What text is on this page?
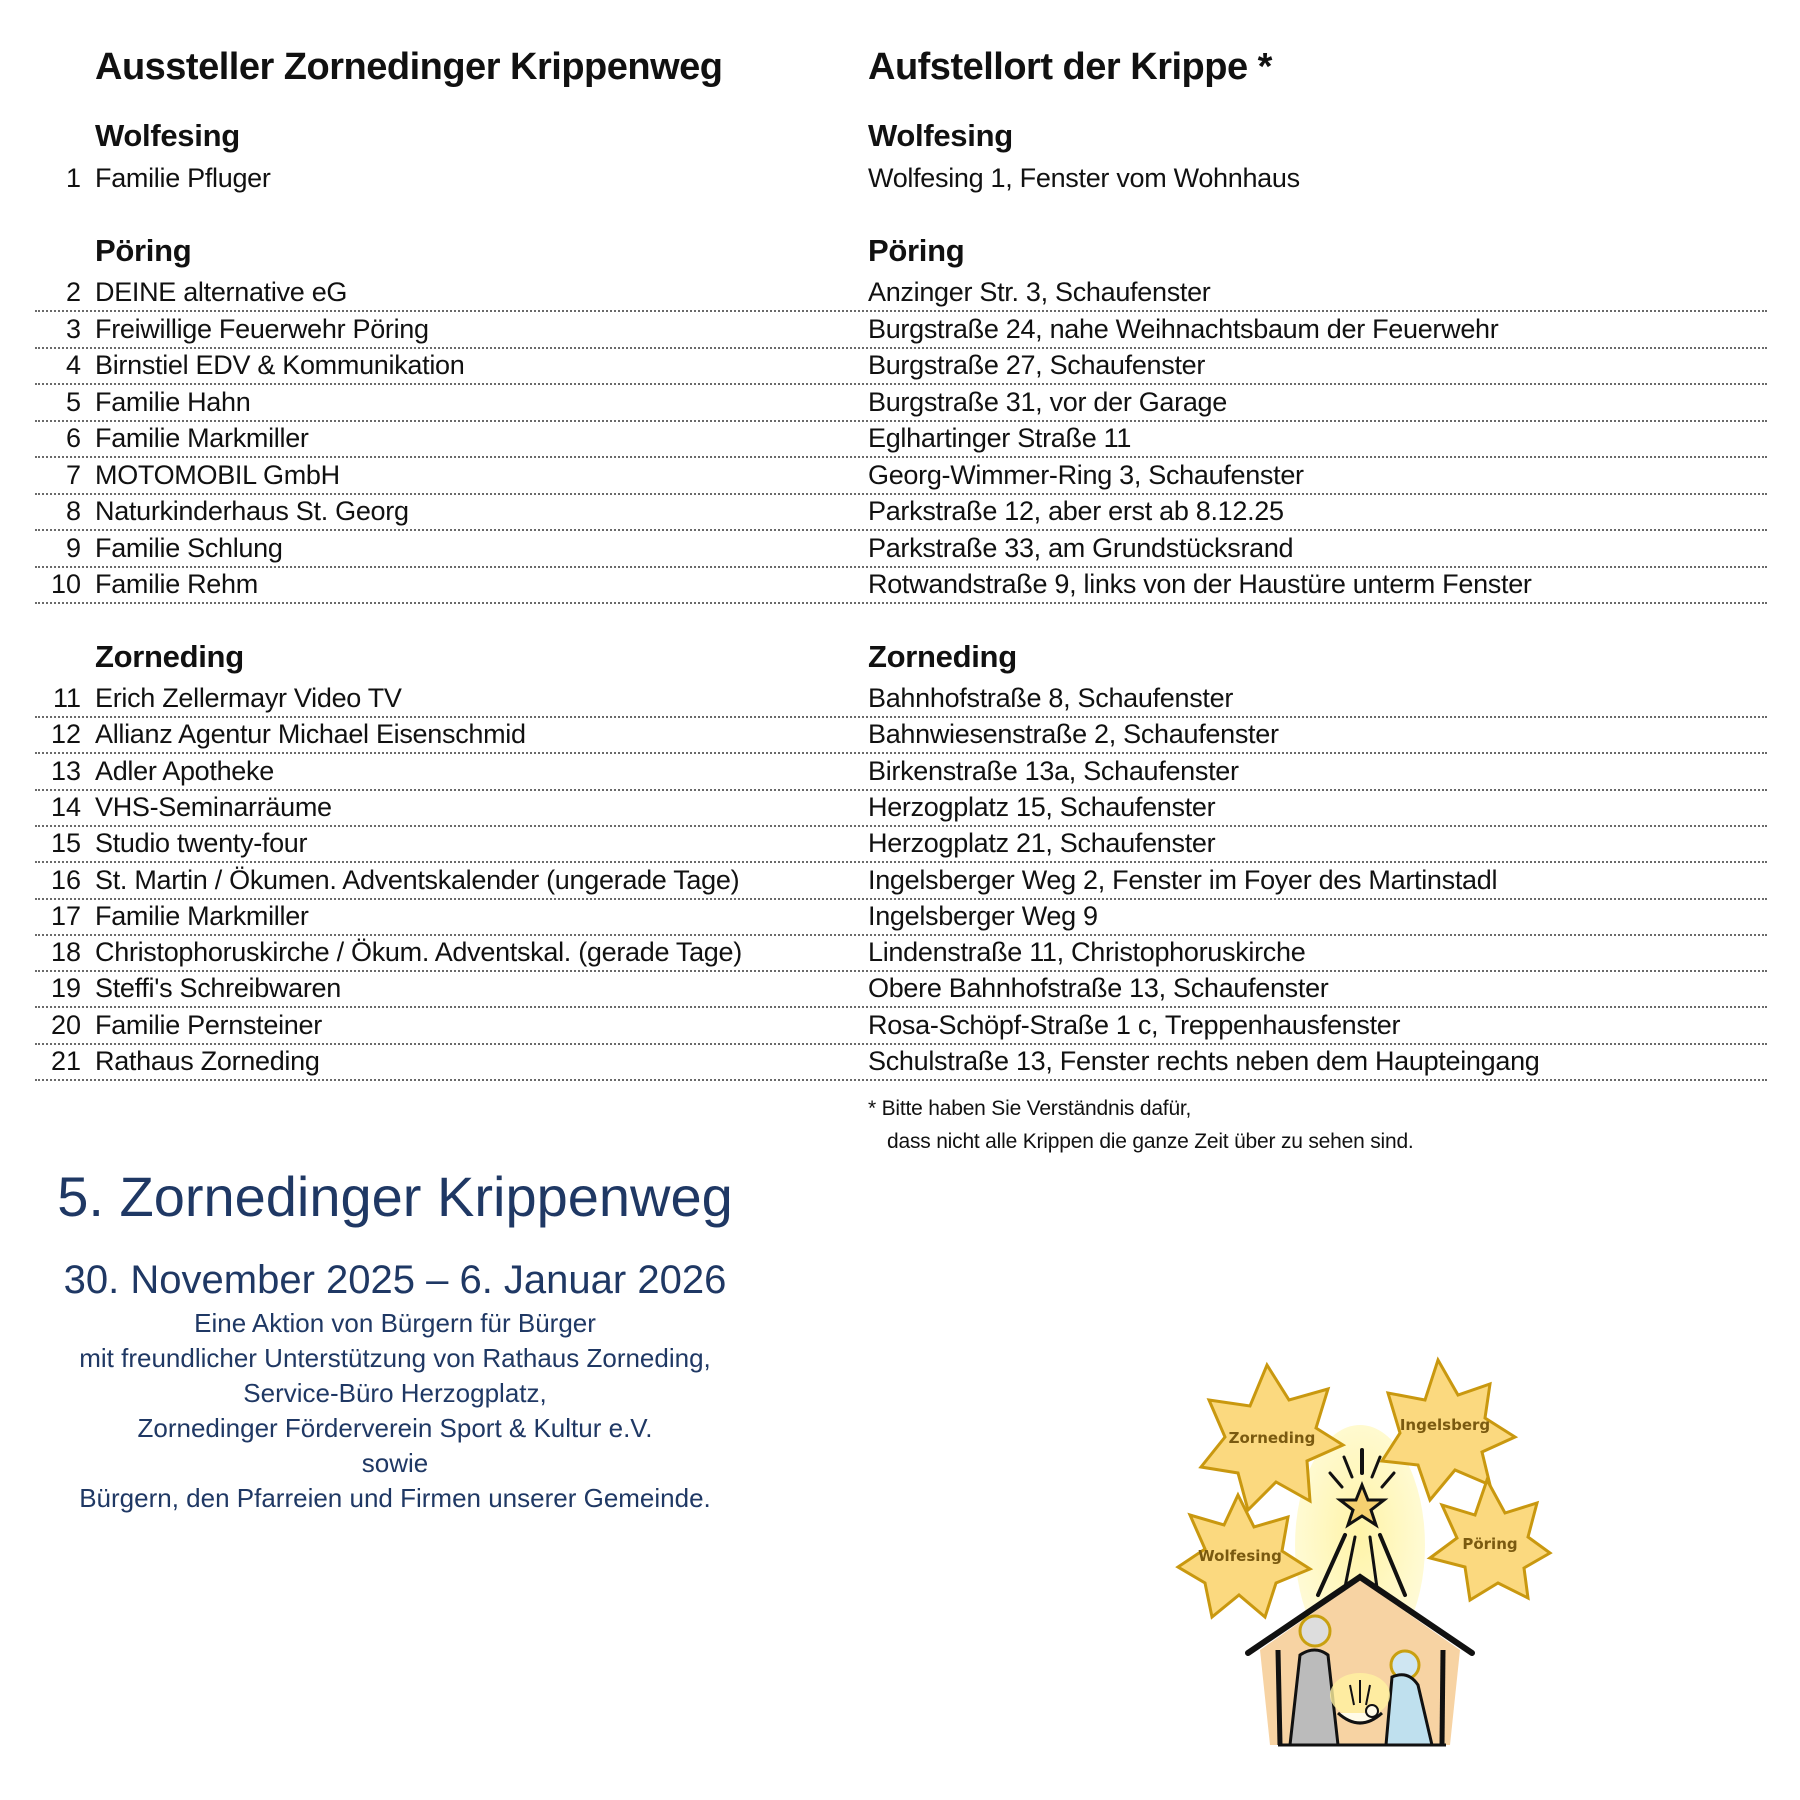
Aussteller Zornedinger Krippenweg	Aufstellort der Krippe *
Wolfesing	Wolfesing
1 Familie Pfluger	Wolfesing 1, Fenster vom Wohnhaus
Pöring	Pöring
2 DEINE alternative eG	Anzinger Str. 3, Schaufenster
3 Freiwillige Feuerwehr Pöring	Burgstraße 24, nahe Weihnachtsbaum der Feuerwehr
4 Birnstiel EDV & Kommunikation	Burgstraße 27, Schaufenster
5 Familie Hahn	Burgstraße 31, vor der Garage
6 Familie Markmiller	Eglhartinger Straße 11
7 MOTOMOBIL GmbH	Georg-Wimmer-Ring 3, Schaufenster
8 Naturkinderhaus St. Georg	Parkstraße 12, aber erst ab 8.12.25
9 Familie Schlung	Parkstraße 33, am Grundstücksrand
10 Familie Rehm	Rotwandstraße 9, links von der Haustüre unterm Fenster
Zorneding	Zorneding
11 Erich Zellermayr Video TV	Bahnhofstraße 8, Schaufenster
12 Allianz Agentur Michael Eisenschmid	Bahnwiesenstraße 2, Schaufenster
13 Adler Apotheke	Birkenstraße 13a, Schaufenster
14 VHS-Seminarräume	Herzogplatz 15, Schaufenster
15 Studio twenty-four	Herzogplatz 21, Schaufenster
16 St. Martin / Ökumen. Adventskalender (ungerade Tage)	Ingelsberger Weg 2, Fenster im Foyer des Martinstadl
17 Familie Markmiller	Ingelsberger Weg 9
18 Christophoruskirche / Ökum. Adventskal. (gerade Tage)	Lindenstraße 11, Christophoruskirche
19 Steffi's Schreibwaren	Obere Bahnhofstraße 13, Schaufenster
20 Familie Pernsteiner	Rosa-Schöpf-Straße 1 c, Treppenhausfenster
21 Rathaus Zorneding	Schulstraße 13, Fenster rechts neben dem Haupteingang
* Bitte haben Sie Verständnis dafür,
dass nicht alle Krippen die ganze Zeit über zu sehen sind.
5. Zornedinger Krippenweg
30. November 2025 – 6. Januar 2026
Eine Aktion von Bürgern für Bürger
mit freundlicher Unterstützung von Rathaus Zorneding,
Service-Büro Herzogplatz,
Zornedinger Förderverein Sport & Kultur e.V.
sowie
Bürgern, den Pfarreien und Firmen unserer Gemeinde.
Zorneding
Ingelsberg
Wolfesing
Pöring
